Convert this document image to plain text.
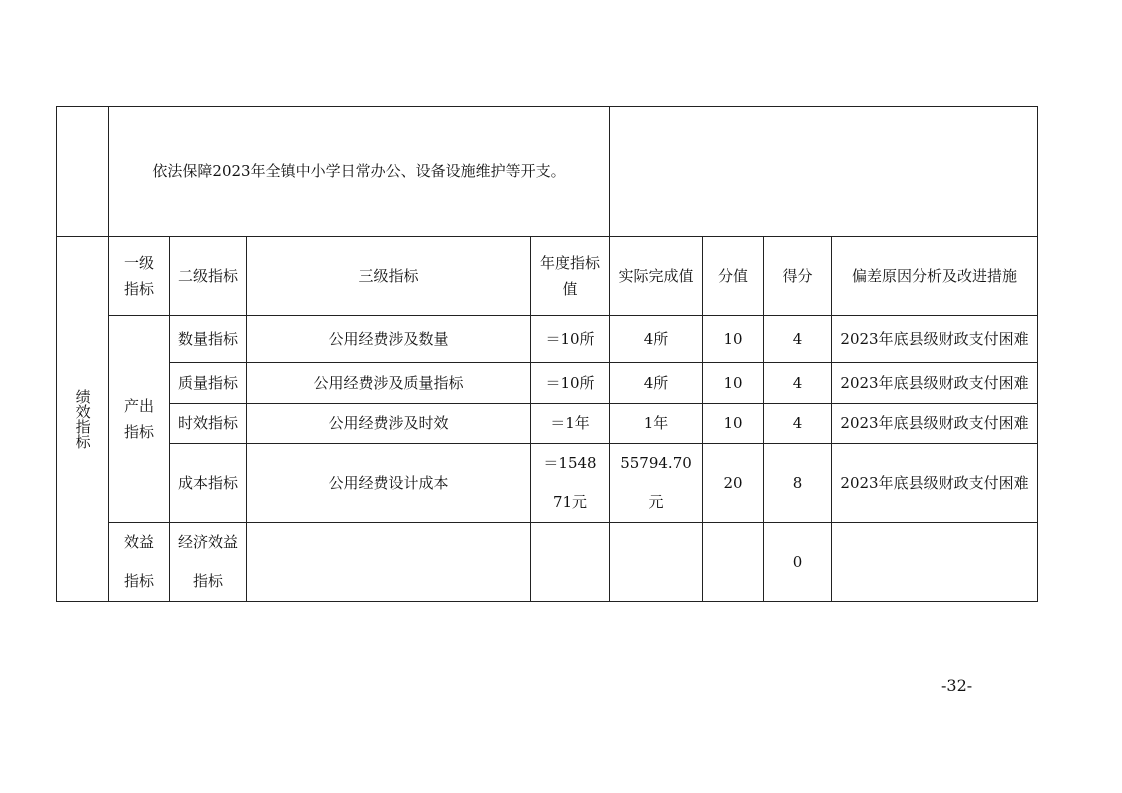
	依法保障2023年全镇中小学日常办公、设备设施维护等开支。							
绩效指标	一级指标	二级指标	三级指标	年度指标值	实际完成值	分值	得分	偏差原因分析及改进措施
	产出指标	数量指标	公用经费涉及数量	＝10所	4所	10	4	2023年底县级财政支付困难
		质量指标	公用经费涉及质量指标	＝10所	4所	10	4	2023年底县级财政支付困难
		时效指标	公用经费涉及时效	＝1年	1年	10	4	2023年底县级财政支付困难
		成本指标	公用经费设计成本	＝154871元	55794.70元	20	8	2023年底县级财政支付困难
	效益指标	经济效益指标					0	
-32-
